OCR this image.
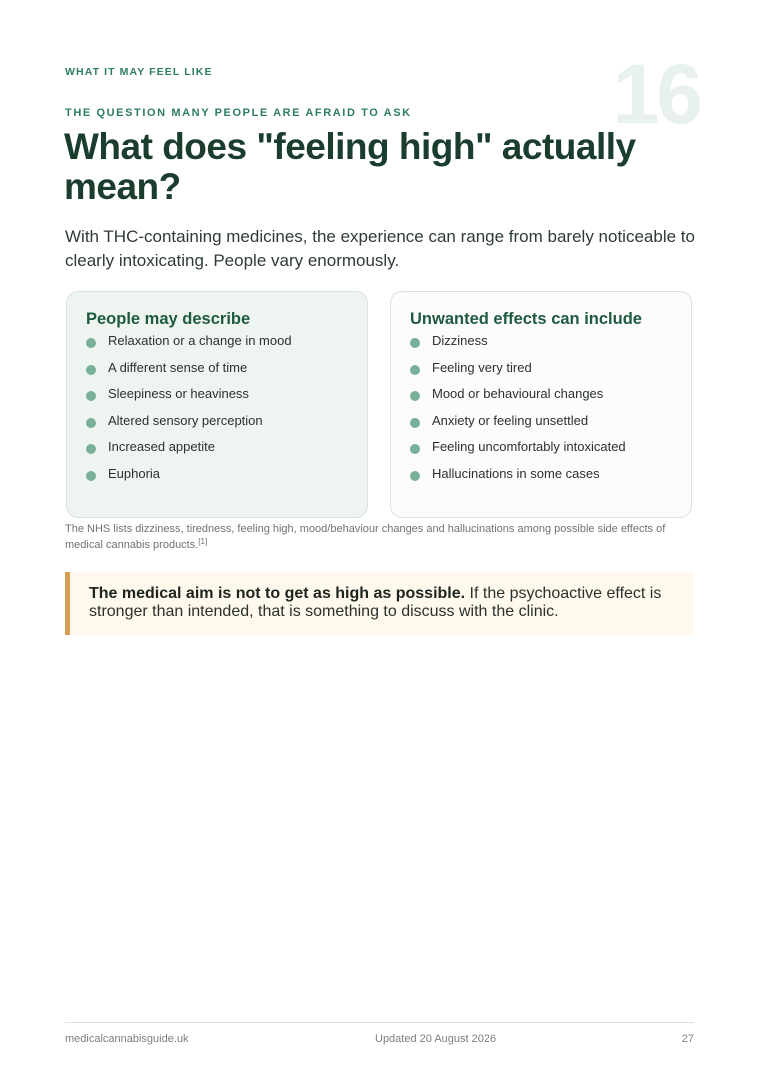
WHAT IT MAY FEEL LIKE	16
THE QUESTION MANY PEOPLE ARE AFRAID TO ASK
What does "feeling high" actually mean?

With THC-containing medicines, the experience can range from barely noticeable to clearly intoxicating. People vary enormously.

People may describe
Relaxation or a change in mood
A different sense of time
Sleepiness or heaviness
Altered sensory perception
Increased appetite
Euphoria
Unwanted effects can include
Dizziness
Feeling very tired
Mood or behavioural changes
Anxiety or feeling unsettled
Feeling uncomfortably intoxicated
Hallucinations in some cases

The NHS lists dizziness, tiredness, feeling high, mood/behaviour changes and hallucinations among possible side effects of medical cannabis products.[1]

The medical aim is not to get as high as possible. If the psychoactive effect is stronger than intended, that is something to discuss with the clinic.
medicalcannabisguide.uk	Updated 20 August 2026	27
